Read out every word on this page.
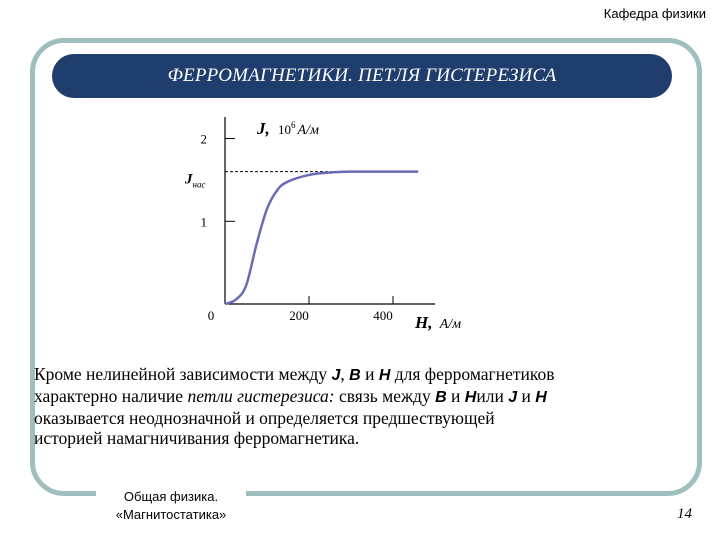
Кафедра физики
ФЕРРОМАГНЕТИКИ. ПЕТЛЯ ГИСТЕРЕЗИСА
0	200	400
1
2
J, $10^6$ $_{А/м}$
H, А/м
$J_{нас}$

Кроме нелинейной зависимости между J, B и H для ферромагнетиков

характерно наличие петли гистерезиса: связь между B и Hили J и H

оказывается неоднозначной и определяется предшествующей

историей намагничивания ферромагнетика.

Общая физика.
«Магнитостатика»	14
